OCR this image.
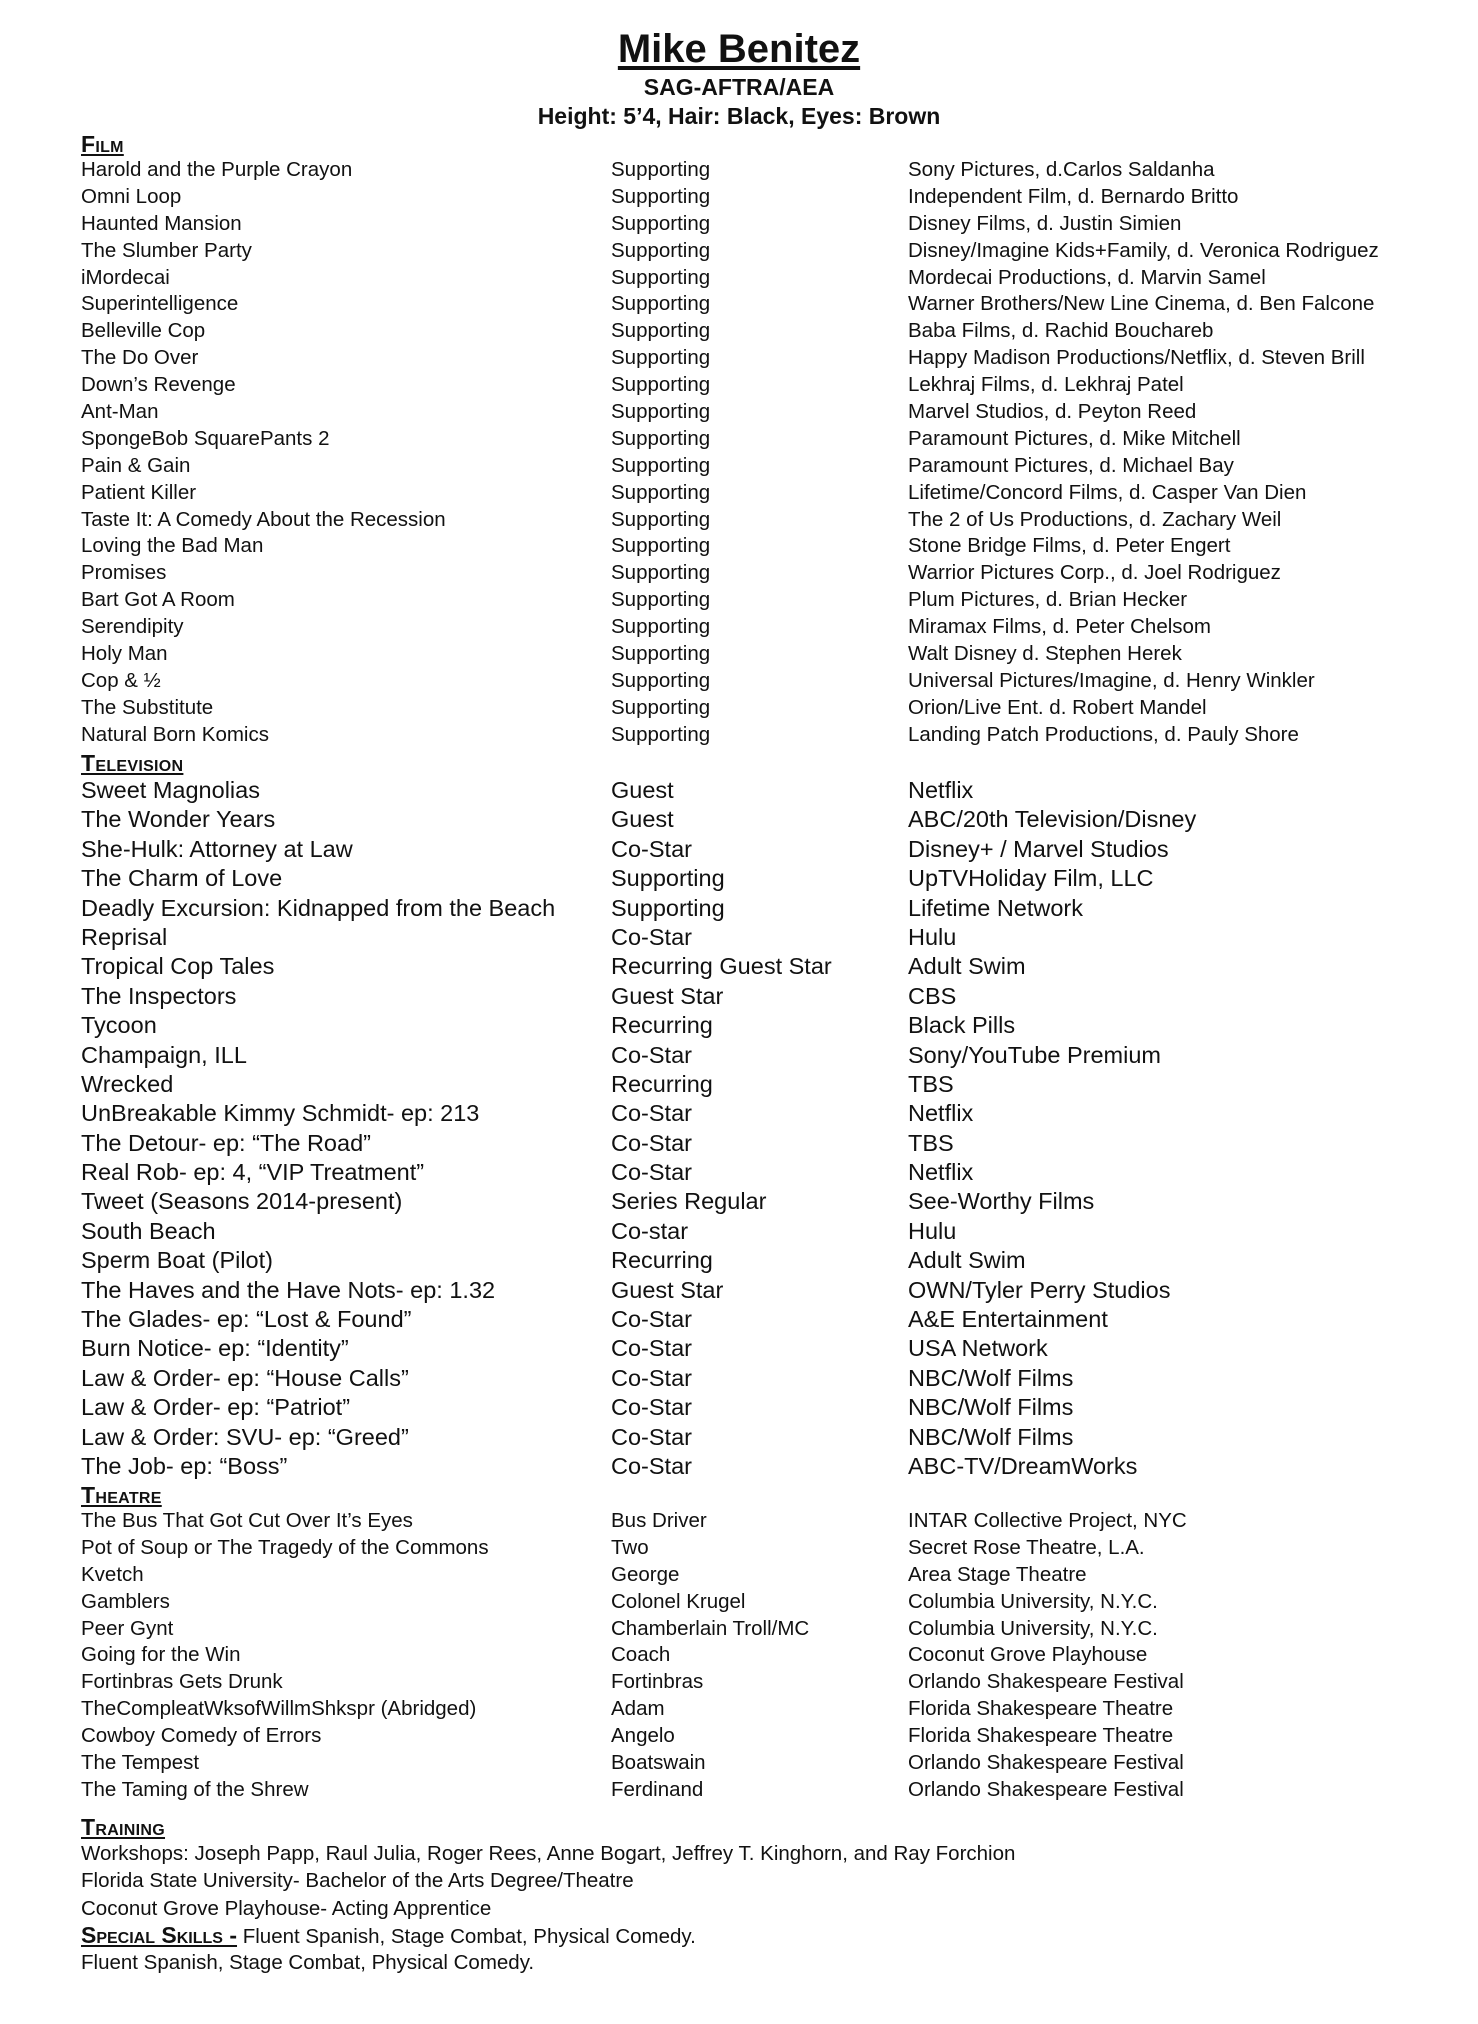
Mike Benitez
SAG-AFTRA/AEA
Height: 5’4, Hair: Black, Eyes: Brown
Film
Harold and the Purple Crayon	Supporting	Sony Pictures, d.Carlos Saldanha
Omni Loop	Supporting	Independent Film, d. Bernardo Britto
Haunted Mansion	Supporting	Disney Films, d. Justin Simien
The Slumber Party	Supporting	Disney/Imagine Kids+Family, d. Veronica Rodriguez
iMordecai	Supporting	Mordecai Productions, d. Marvin Samel
Superintelligence	Supporting	Warner Brothers/New Line Cinema, d. Ben Falcone
Belleville Cop	Supporting	Baba Films, d. Rachid Bouchareb
The Do Over	Supporting	Happy Madison Productions/Netflix, d. Steven Brill
Down’s Revenge	Supporting	Lekhraj Films, d. Lekhraj Patel
Ant-Man	Supporting	Marvel Studios, d. Peyton Reed
SpongeBob SquarePants 2	Supporting	Paramount Pictures, d. Mike Mitchell
Pain & Gain	Supporting	Paramount Pictures, d. Michael Bay
Patient Killer	Supporting	Lifetime/Concord Films, d. Casper Van Dien
Taste It: A Comedy About the Recession	Supporting	The 2 of Us Productions, d. Zachary Weil
Loving the Bad Man	Supporting	Stone Bridge Films, d. Peter Engert
Promises	Supporting	Warrior Pictures Corp., d. Joel Rodriguez
Bart Got A Room	Supporting	Plum Pictures, d. Brian Hecker
Serendipity	Supporting	Miramax Films, d. Peter Chelsom
Holy Man	Supporting	Walt Disney d. Stephen Herek
Cop & ½	Supporting	Universal Pictures/Imagine, d. Henry Winkler
The Substitute	Supporting	Orion/Live Ent. d. Robert Mandel
Natural Born Komics	Supporting	Landing Patch Productions, d. Pauly Shore
Television
Sweet Magnolias	Guest	Netflix
The Wonder Years	Guest	ABC/20th Television/Disney
She-Hulk: Attorney at Law	Co-Star	Disney+ / Marvel Studios
The Charm of Love	Supporting	UpTVHoliday Film, LLC
Deadly Excursion: Kidnapped from the Beach Supporting	Lifetime Network
Reprisal	Co-Star	Hulu
Tropical Cop Tales	Recurring Guest Star	Adult Swim
The Inspectors	Guest Star	CBS
Tycoon	Recurring	Black Pills
Champaign, ILL	Co-Star	Sony/YouTube Premium
Wrecked	Recurring	TBS
UnBreakable Kimmy Schmidt- ep: 213	Co-Star	Netflix
The Detour- ep: “The Road”	Co-Star	TBS
Real Rob- ep: 4, “VIP Treatment”	Co-Star	Netflix
Tweet (Seasons 2014-present)	Series Regular	See-Worthy Films
South Beach	Co-star	Hulu
Sperm Boat (Pilot)	Recurring	Adult Swim
The Haves and the Have Nots- ep: 1.32	Guest Star	OWN/Tyler Perry Studios
The Glades- ep: “Lost & Found”	Co-Star	A&E Entertainment
Burn Notice- ep: “Identity”	Co-Star	USA Network
Law & Order- ep: “House Calls”	Co-Star	NBC/Wolf Films
Law & Order- ep: “Patriot”	Co-Star	NBC/Wolf Films
Law & Order: SVU- ep: “Greed”	Co-Star	NBC/Wolf Films
The Job- ep: “Boss”	Co-Star	ABC-TV/DreamWorks
Theatre
The Bus That Got Cut Over It’s Eyes	Bus Driver	INTAR Collective Project, NYC
Pot of Soup or The Tragedy of the Commons	Two	Secret Rose Theatre, L.A.
Kvetch	George	Area Stage Theatre
Gamblers	Colonel Krugel	Columbia University, N.Y.C.
Peer Gynt	Chamberlain Troll/MC	Columbia University, N.Y.C.
Going for the Win	Coach	Coconut Grove Playhouse
Fortinbras Gets Drunk	Fortinbras	Orlando Shakespeare Festival
TheCompleatWksofWillmShkspr (Abridged)	Adam	Florida Shakespeare Theatre
Cowboy Comedy of Errors	Angelo	Florida Shakespeare Theatre
The Tempest	Boatswain	Orlando Shakespeare Festival
The Taming of the Shrew	Ferdinand	Orlando Shakespeare Festival
Training
Workshops: Joseph Papp, Raul Julia, Roger Rees, Anne Bogart, Jeffrey T. Kinghorn, and Ray Forchion
Florida State University- Bachelor of the Arts Degree/Theatre
Coconut Grove Playhouse- Acting Apprentice
Special Skills - Fluent Spanish, Stage Combat, Physical Comedy.
Fluent Spanish, Stage Combat, Physical Comedy.
